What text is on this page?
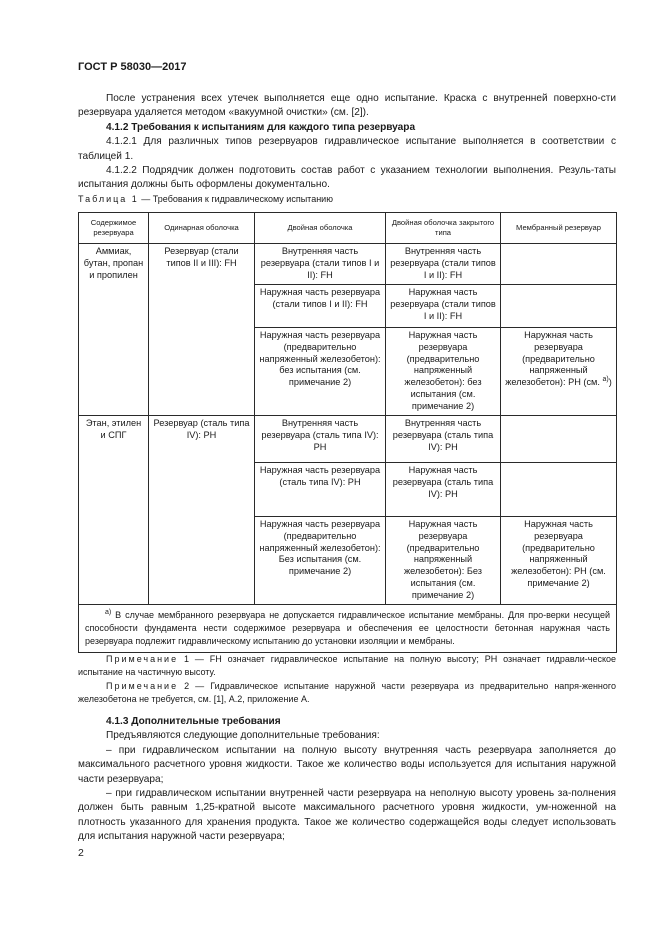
ГОСТ Р 58030—2017

После устранения всех утечек выполняется еще одно испытание. Краска с внутренней поверхно-сти резервуара удаляется методом «вакуумной очистки» (см. [2]).

4.1.2 Требования к испытаниям для каждого типа резервуара

4.1.2.1 Для различных типов резервуаров гидравлическое испытание выполняется в соответствии с таблицей 1.

4.1.2.2 Подрядчик должен подготовить состав работ с указанием технологии выполнения. Резуль-таты испытания должны быть оформлены документально.

Таблица 1 — Требования к гидравлическому испытанию
Содержимое резервуара	Одинарная оболочка	Двойная оболочка	Двойная оболочка закрытого типа	Мембранный резервуар
Аммиак, бутан, пропан и пропилен	Резервуар (стали типов II и III): FH	Внутренняя часть резервуара (стали типов I и II): FH	Внутренняя часть резервуара (стали типов I и II): FH	
		Наружная часть резервуара (стали типов I и II): FH	Наружная часть резервуара (стали типов I и II): FH	
		Наружная часть резервуара (предварительно напряженный железобетон): без испытания (см. примечание 2)	Наружная часть резервуара (предварительно напряженный железобетон): без испытания (см. примечание 2)	Наружная часть резервуара (предварительно напряженный железобетон): PH (см. $^{а)}$)
Этан, этилен и СПГ	Резервуар (сталь типа IV): PH	Внутренняя часть резервуара (сталь типа IV): PH	Внутренняя часть резервуара (сталь типа IV): PH	
		Наружная часть резервуара (сталь типа IV): PH	Наружная часть резервуара (сталь типа IV): PH	
		Наружная часть резервуара (предварительно напряженный железобетон): Без испытания (см. примечание 2)	Наружная часть резервуара (предварительно напряженный железобетон): Без испытания (см. примечание 2)	Наружная часть резервуара (предварительно напряженный железобетон): PH (см. примечание 2)
$^{а)}$ В случае мембранного резервуара не допускается гидравлическое испытание мембраны. Для про-верки несущей способности фундамента нести содержимое резервуара и обеспечения ее целостности бетонная наружная часть резервуара подлежит гидравлическому испытанию до установки изоляции и мембраны.				

Примечание 1 — FH означает гидравлическое испытание на полную высоту; PH означает гидравли-ческое испытание на частичную высоту.

Примечание 2 — Гидравлическое испытание наружной части резервуара из предварительно напря-женного железобетона не требуется, см. [1], А.2, приложение А.

4.1.3 Дополнительные требования

Предъявляются следующие дополнительные требования:

– при гидравлическом испытании на полную высоту внутренняя часть резервуара заполняется до максимального расчетного уровня жидкости. Такое же количество воды используется для испытания наружной части резервуара;

– при гидравлическом испытании внутренней части резервуара на неполную высоту уровень за-полнения должен быть равным 1,25-кратной высоте максимального расчетного уровня жидкости, ум-ноженной на плотность указанного для хранения продукта. Такое же количество содержащейся воды следует использовать для испытания наружной части резервуара;

2
